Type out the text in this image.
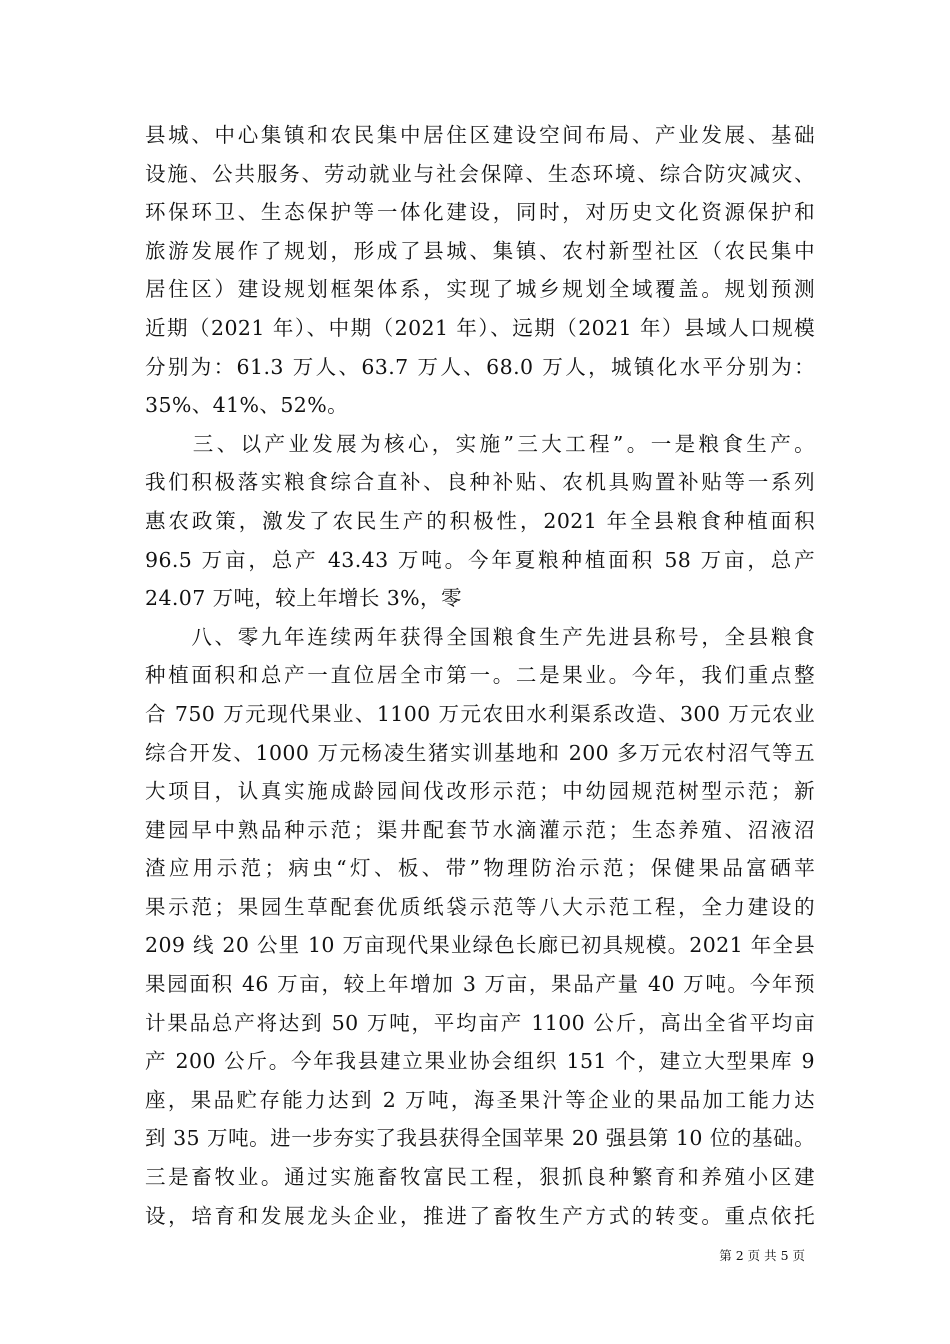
县城、中心集镇和农民集中居住区建设空间布局、产业发展、基础
设施、公共服务、劳动就业与社会保障、生态环境、综合防灾减灾、
环保环卫、生态保护等一体化建设，同时，对历史文化资源保护和
旅游发展作了规划，形成了县城、集镇、农村新型社区（农民集中
居住区）建设规划框架体系，实现了城乡规划全域覆盖。规划预测
近期（2021 年）、中期（2021 年）、远期（2021 年）县域人口规模
分别为：61.3 万人、63.7 万人、68.0 万人，城镇化水平分别为：
35%、41%、52%。
　　三、以产业发展为核心，实施”三大工程”。一是粮食生产。
我们积极落实粮食综合直补、良种补贴、农机具购置补贴等一系列
惠农政策，激发了农民生产的积极性，2021 年全县粮食种植面积
96.5 万亩，总产 43.43 万吨。今年夏粮种植面积 58 万亩，总产
24.07 万吨，较上年增长 3%，零
　　八、零九年连续两年获得全国粮食生产先进县称号，全县粮食
种植面积和总产一直位居全市第一。二是果业。今年，我们重点整
合 750 万元现代果业、1100 万元农田水利渠系改造、300 万元农业
综合开发、1000 万元杨凌生猪实训基地和 200 多万元农村沼气等五
大项目，认真实施成龄园间伐改形示范；中幼园规范树型示范；新
建园早中熟品种示范；渠井配套节水滴灌示范；生态养殖、沼液沼
渣应用示范；病虫“灯、板、带”物理防治示范；保健果品富硒苹
果示范；果园生草配套优质纸袋示范等八大示范工程，全力建设的
209 线 20 公里 10 万亩现代果业绿色长廊已初具规模。2021 年全县
果园面积 46 万亩，较上年增加 3 万亩，果品产量 40 万吨。今年预
计果品总产将达到 50 万吨，平均亩产 1100 公斤，高出全省平均亩
产 200 公斤。今年我县建立果业协会组织 151 个，建立大型果库 9
座，果品贮存能力达到 2 万吨，海圣果汁等企业的果品加工能力达
到 35 万吨。进一步夯实了我县获得全国苹果 20 强县第 10 位的基础。
三是畜牧业。通过实施畜牧富民工程，狠抓良种繁育和养殖小区建
设，培育和发展龙头企业，推进了畜牧生产方式的转变。重点依托
第 2 页 共 5 页
